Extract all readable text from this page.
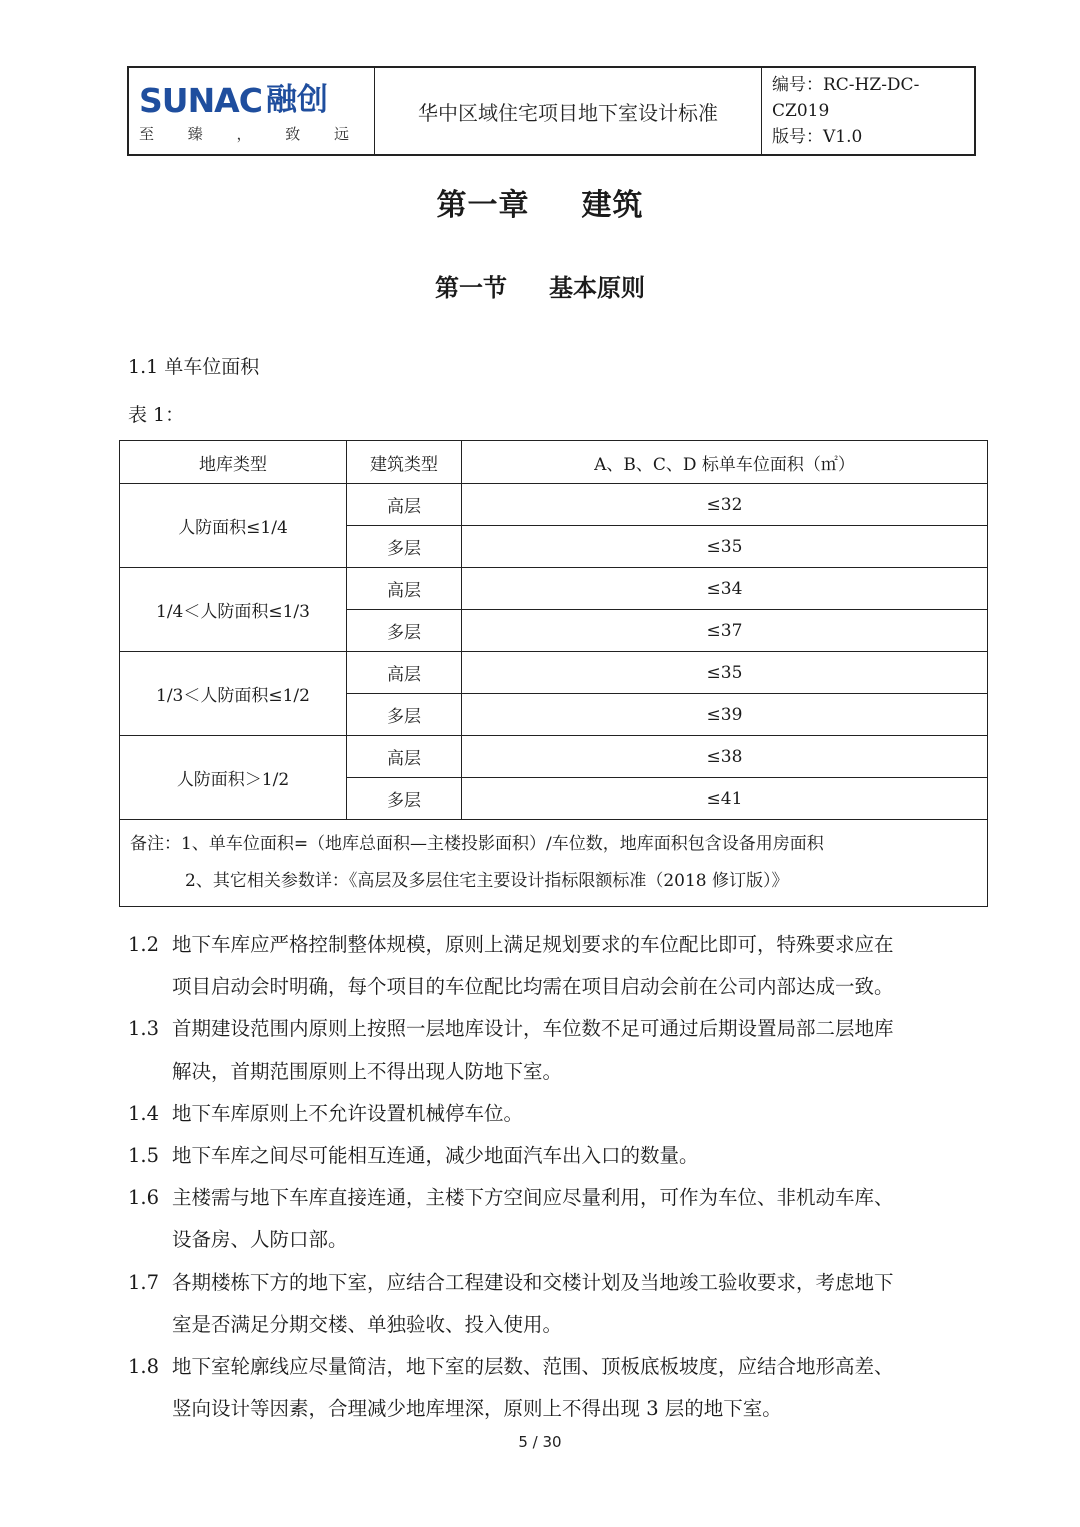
SUNAC 融创
至 臻 ， 致 远
华中区域住宅项目地下室设计标准
编号：RC-HZ-DC-CZ019
版号：V1.0
第一章 建筑
第一节 基本原则
1.1 单车位面积
表 1：
地库类型	建筑类型	A、B、C、D 标单车位面积（㎡）
人防面积≤1/4	高层	≤32
	多层	≤35
1/4＜人防面积≤1/3	高层	≤34
	多层	≤37
1/3＜人防面积≤1/2	高层	≤35
	多层	≤39
人防面积＞1/2	高层	≤38
	多层	≤41

备注：1、单车位面积=（地库总面积—主楼投影面积）/车位数，地库面积包含设备用房面积
2、其它相关参数详：《高层及多层住宅主要设计指标限额标准（2018 修订版）》		
1.2 地下车库应严格控制整体规模，原则上满足规划要求的车位配比即可，特殊要求应在
项目启动会时明确，每个项目的车位配比均需在项目启动会前在公司内部达成一致。
1.3 首期建设范围内原则上按照一层地库设计，车位数不足可通过后期设置局部二层地库
解决，首期范围原则上不得出现人防地下室。
1.4 地下车库原则上不允许设置机械停车位。
1.5 地下车库之间尽可能相互连通，减少地面汽车出入口的数量。
1.6 主楼需与地下车库直接连通，主楼下方空间应尽量利用，可作为车位、非机动车库、
设备房、人防口部。
1.7 各期楼栋下方的地下室，应结合工程建设和交楼计划及当地竣工验收要求，考虑地下
室是否满足分期交楼、单独验收、投入使用。
1.8 地下室轮廓线应尽量简洁，地下室的层数、范围、顶板底板坡度，应结合地形高差、
竖向设计等因素，合理减少地库埋深，原则上不得出现 3 层的地下室。
5 / 30
